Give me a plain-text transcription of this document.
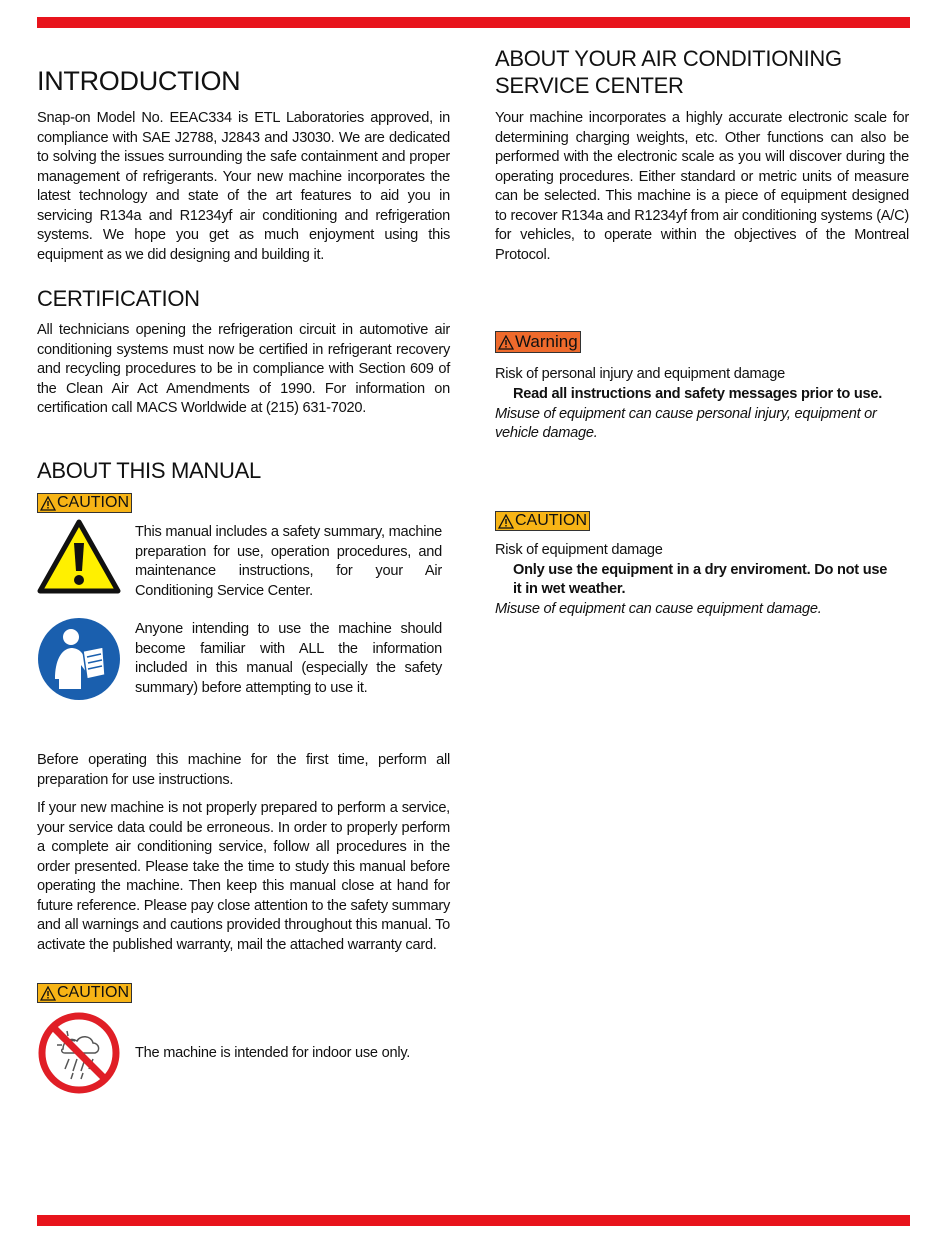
INTRODUCTION

Snap-on Model No. EEAC334 is ETL Laboratories approved, in compliance with SAE J2788, J2843 and J3030. We are dedicated to solving the issues surrounding the safe containment and proper management of refrigerants. Your new machine incorporates the latest technology and state of the art features to aid you in servicing R134a and R1234yf air conditioning and refrigeration systems. We hope you get as much enjoyment using this equipment as we did designing and building it.

CERTIFICATION

All technicians opening the refrigeration circuit in automotive air conditioning systems must now be certified in refrigerant recovery and recycling procedures to be in compliance with Section 609 of the Clean Air Act Amendments of 1990. For information on certification call MACS Worldwide at (215) 631-7020.

ABOUT THIS MANUAL
CAUTION

This manual includes a safety summary, machine preparation for use, operation procedures, and maintenance instructions, for your Air Conditioning Service Center.

Anyone intending to use the machine should become familiar with ALL the information included in this manual (especially the safety summary) before attempting to use it.

Before operating this machine for the first time, perform all preparation for use instructions.

If your new machine is not properly prepared to perform a service, your service data could be erroneous. In order to properly perform a complete air conditioning service, follow all procedures in the order presented. Please take the time to study this manual before operating the machine. Then keep this manual close at hand for future reference. Please pay close attention to the safety summary and all warnings and cautions provided throughout this manual. To activate the published warranty, mail the attached warranty card.

CAUTION

The machine is intended for indoor use only.

ABOUT YOUR AIR CONDITIONING
SERVICE CENTER

Your machine incorporates a highly accurate electronic scale for determining charging weights, etc. Other functions can also be performed with the electronic scale as you will discover during the operating procedures. Either standard or metric units of measure can be selected. This machine is a piece of equipment designed to recover R134a and R1234yf from air conditioning systems (A/C) for vehicles, to operate within the objectives of the Montreal Protocol.

Warning

Risk of personal injury and equipment damage

Read all instructions and safety messages prior to use.

Misuse of equipment can cause personal injury, equipment or

vehicle damage.

CAUTION

Risk of equipment damage

Only use the equipment in a dry enviroment. Do not use

it in wet weather.

Misuse of equipment can cause equipment damage.
